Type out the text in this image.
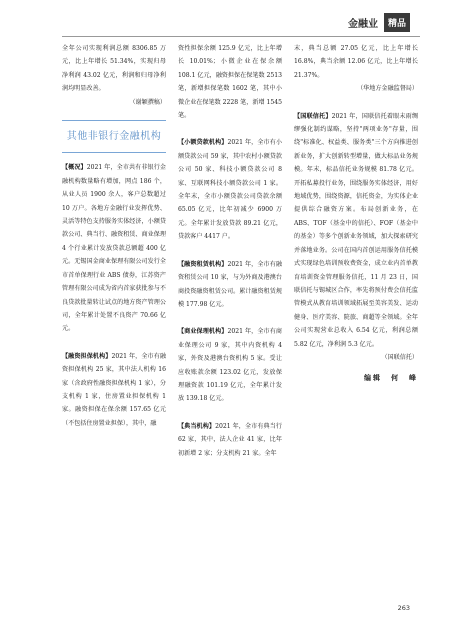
金融业 精品

全年公司实现利润总额 8306.85 万元，比上年增长 51.34%，实现归母净利润 43.02 亿元，利润和归母净利润均明显改善。

（谢颖撰稿）

其他非银行金融机构

【概况】2021 年，全市共有非银行金融机构数量略有增加，网点 186 个，从业人员 1900 余人，客户总数超过 10 万户。各地方金融行业发挥优势、灵活等特色支持服务实体经济，小额贷款公司、典当行、融资租赁、商业保理 4 个行业累计发放贷款总额超 400 亿元。无锡国金商业保理有限公司发行全市首单保理行业 ABS 债券，江苏资产管理有限公司成为省内首家获批参与不良贷款批量转让试点的地方资产管理公司，全年累计处置不良资产 70.66 亿元。

【融资担保机构】2021 年，全市有融资担保机构 25 家，其中法人机构 16 家（含政府性融资担保机构 1 家），分支机构 1 家，住房置业担保机构 1 家。融资担保在保余额 157.65 亿元（不包括住房置业担保），其中，融

资性担保余额 125.9 亿元，比上年增长 10.01%；小微企业在保余额 108.1 亿元，融资担保在保笔数 2513 笔，新增担保笔数 1602 笔，其中小微企业在保笔数 2228 笔，新增 1545 笔。

【小额贷款机构】2021 年，全市有小额贷款公司 59 家，其中农村小额贷款公司 50 家、科技小额贷款公司 8 家、互联网科技小额贷款公司 1 家。全年末，全市小额贷款公司贷款余额 65.05 亿元，比年初减少 6900 万元。全年累计发放贷款 89.21 亿元，贷款客户 4417 户。

【融资租赁机构】2021 年，全市有融资租赁公司 10 家，与为外商及港澳台商投资融资租赁公司。累计融资租赁规模 177.98 亿元。

【商业保理机构】2021 年，全市有商业保理公司 9 家，其中内资机构 4 家，外资及港澳台资机构 5 家。受让应收账款余额 123.02 亿元，发放保理融资款 101.19 亿元，全年累计发放 139.18 亿元。

【典当机构】2021 年，全市有典当行 62 家，其中，法人企业 41 家，比年初新增 2 家；分支机构 21 家。全年

末，典当总额 27.05 亿元，比上年增长 16.8%，典当余额 12.06 亿元，比上年增长 21.37%。

（华地方金融监督局）

【国联信托】2021 年，国联信托着眼未雨绸缪强化制约谋略，坚持"两项业务"存量，围绕"标准化、权益类、服务类"三个方向推进创新业务，扩大创新转型增量，做大标品业务规模。年末，标品信托业务规模 81.78 亿元。开拓私募投行业务，围绕服务实体经济，用好地域优势，围绕资源，信托资金，为实体企业提供综合融资方案。布局创新业务，在 ABS、TOF（基金中的信托）、FOF（基金中的基金）等多个创新业务领域，加大探索研究并落地业务。公司在国内首创运用服务信托模式实现绿色培训预收费资金，成立业内首单教育培训资金管理服务信托，11 月 23 日，国联信托与锡城区合作，率先将预付费会信托监管模式从教育培训领域拓展至美容美发、运动健身、医疗美容、院旅、商超等全领域。全年公司实现营业总收入 6.54 亿元，利润总额 5.82 亿元，净利润 5.3 亿元。

（国联信托）

编辑　何　峰
263
